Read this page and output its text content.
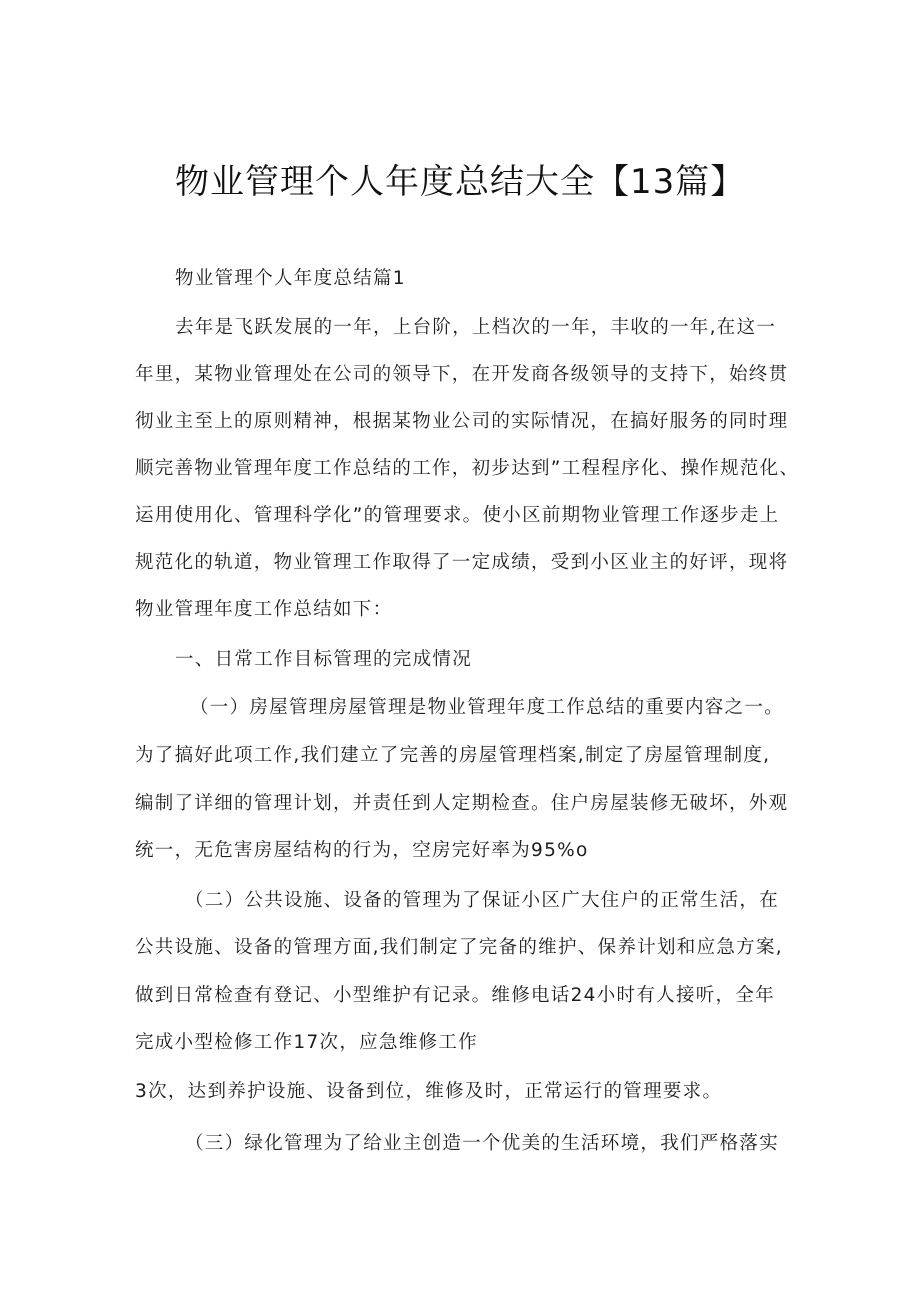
物业管理个人年度总结大全【13篇】
物业管理个人年度总结篇1
去年是飞跃发展的一年，上台阶，上档次的一年，丰收的一年,在这一
年里，某物业管理处在公司的领导下，在开发商各级领导的支持下，始终贯
彻业主至上的原则精神，根据某物业公司的实际情况，在搞好服务的同时理
顺完善物业管理年度工作总结的工作，初步达到”工程程序化、操作规范化、
运用使用化、管理科学化”的管理要求。使小区前期物业管理工作逐步走上
规范化的轨道，物业管理工作取得了一定成绩，受到小区业主的好评，现将
物业管理年度工作总结如下：
一、日常工作目标管理的完成情况
（一）房屋管理房屋管理是物业管理年度工作总结的重要内容之一。
为了搞好此项工作,我们建立了完善的房屋管理档案,制定了房屋管理制度,
编制了详细的管理计划，并责任到人定期检查。住户房屋装修无破坏，外观
统一，无危害房屋结构的行为，空房完好率为95%o
（二）公共设施、设备的管理为了保证小区广大住户的正常生活，在
公共设施、设备的管理方面,我们制定了完备的维护、保养计划和应急方案,
做到日常检查有登记、小型维护有记录。维修电话24小时有人接听，全年
完成小型检修工作17次，应急维修工作
3次，达到养护设施、设备到位，维修及时，正常运行的管理要求。
（三）绿化管理为了给业主创造一个优美的生活环境，我们严格落实
